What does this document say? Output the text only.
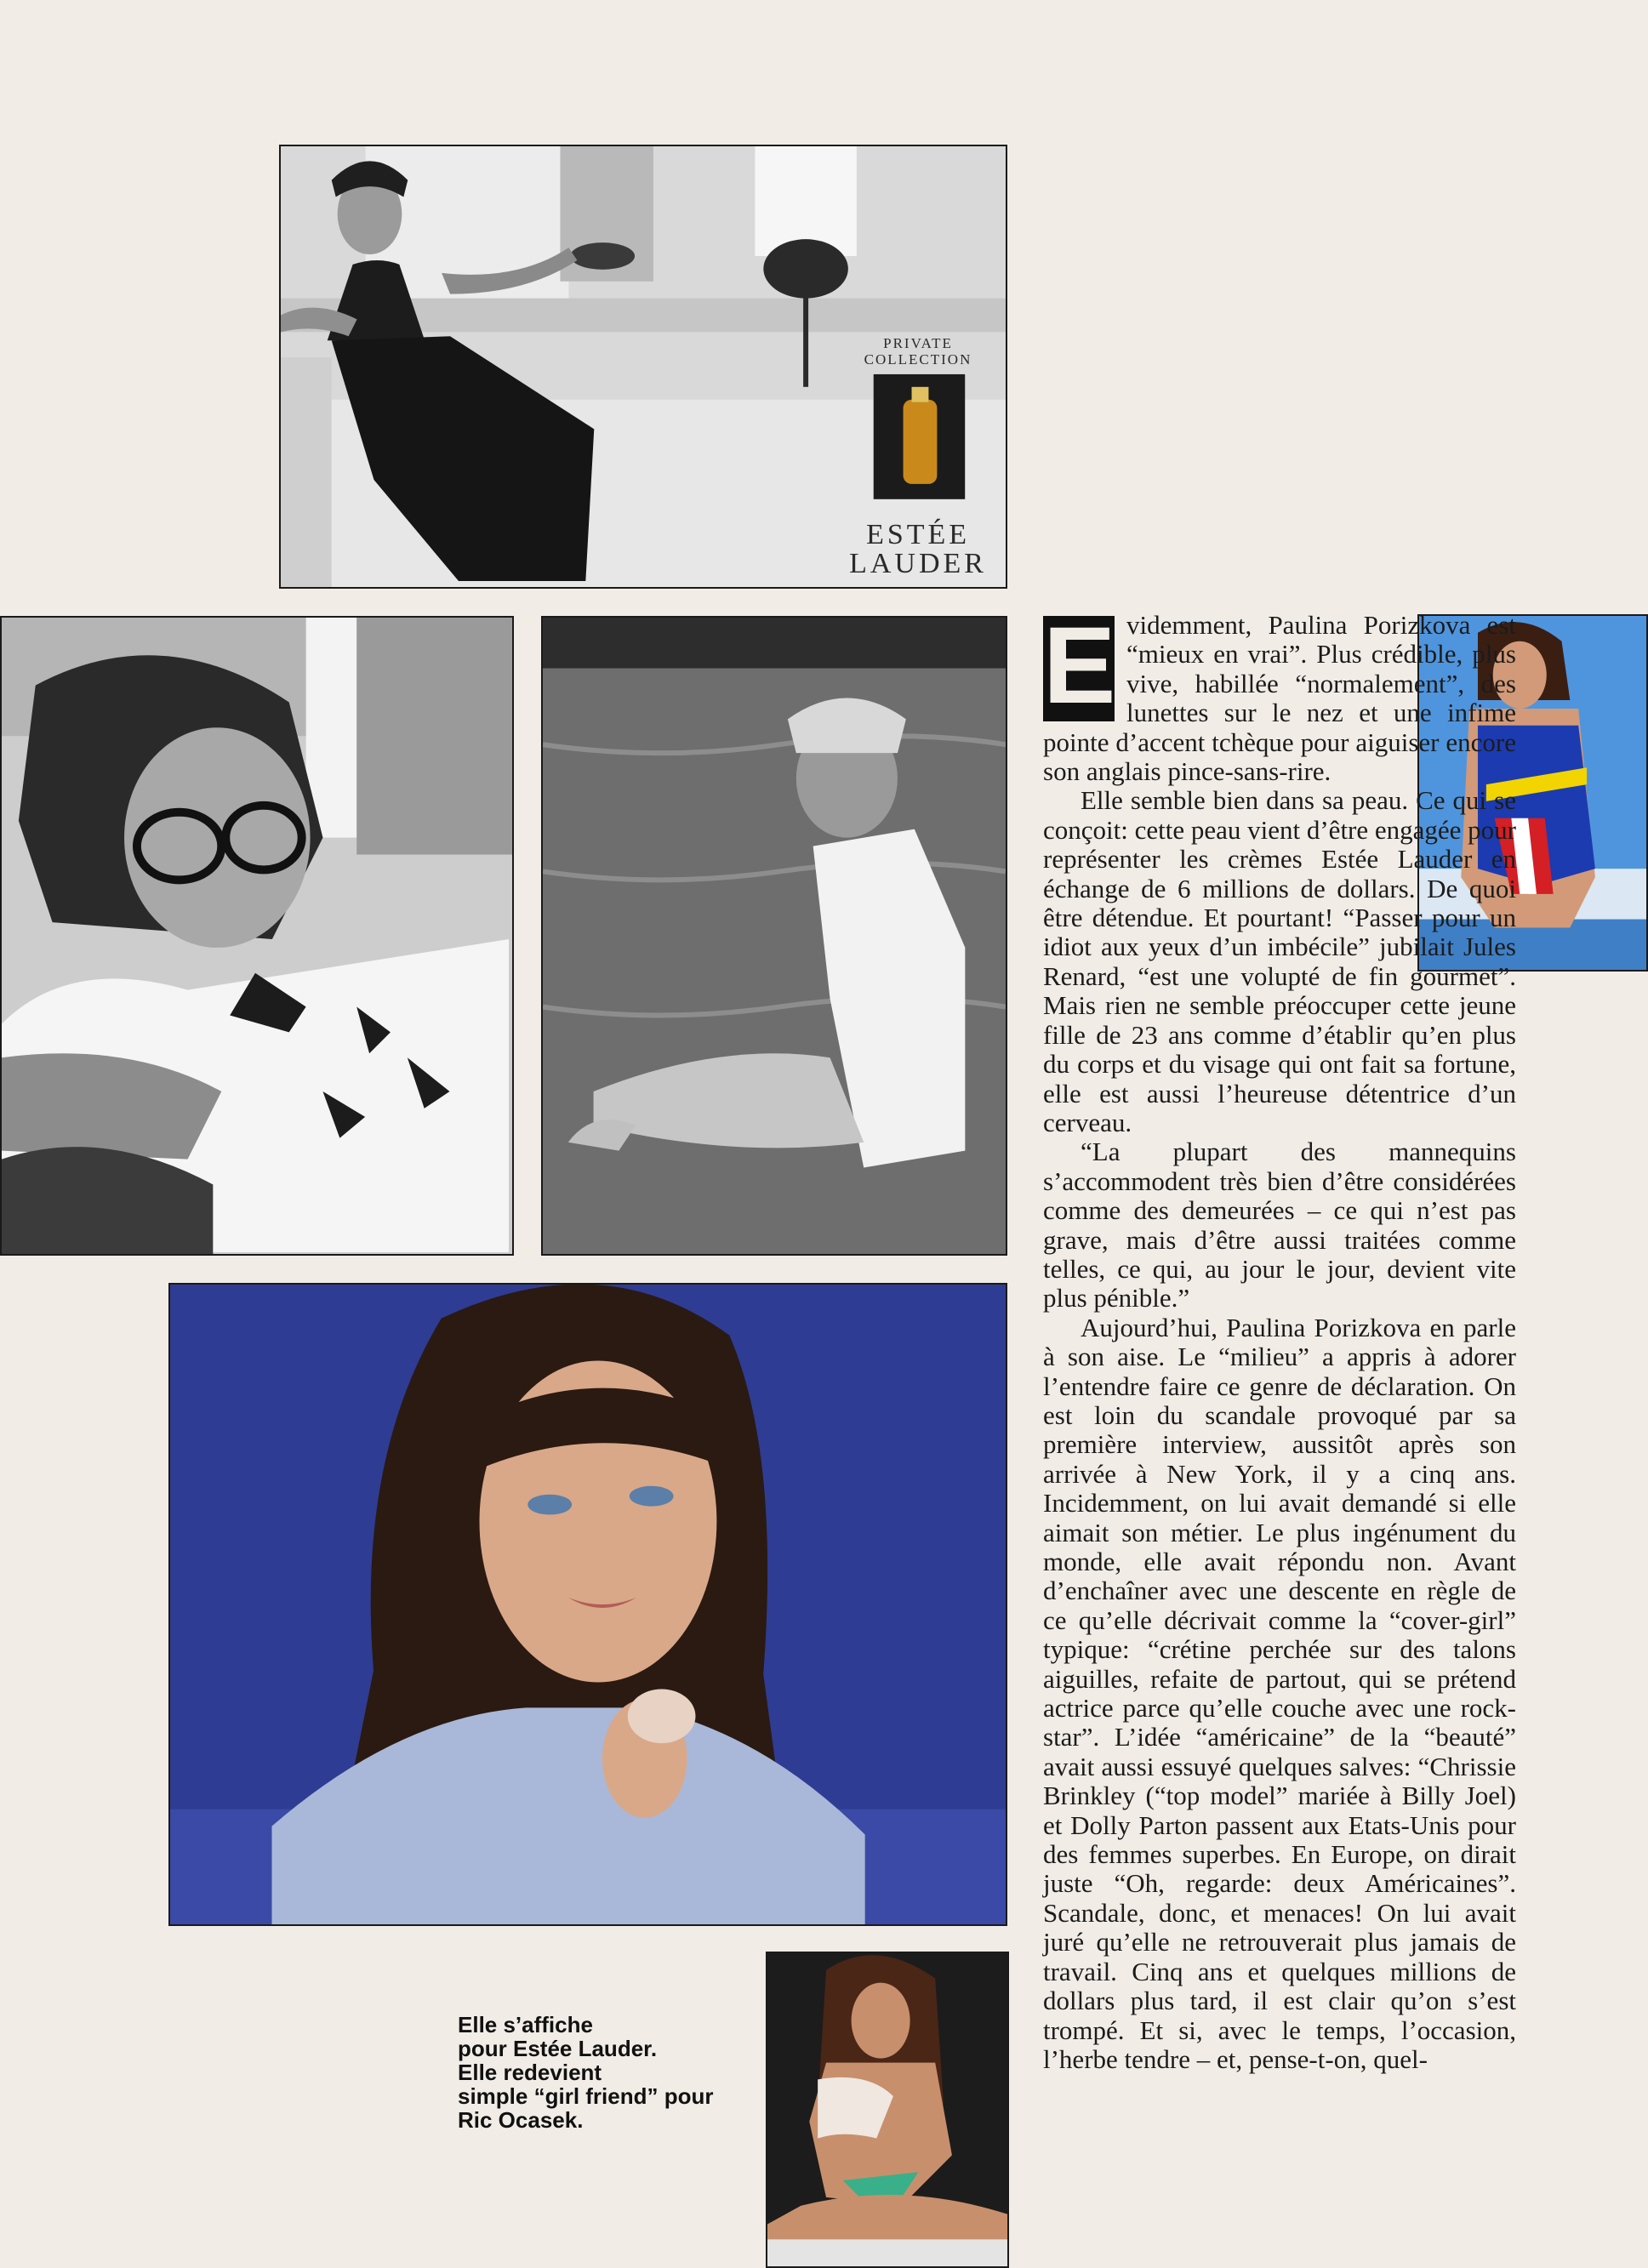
PRIVATE COLLECTION
ESTÉE
LAUDER

E videmment, Paulina Porizkova est “mieux en vrai”. Plus crédible, plus vive, habillée “normalement”, des lunettes sur le nez et une infime pointe d’accent tchèque pour aiguiser encore son anglais pince-sans-rire.

Elle semble bien dans sa peau. Ce qui se conçoit: cette peau vient d’être engagée pour représenter les crèmes Estée Lauder en échange de 6 millions de dollars. De quoi être détendue. Et pourtant! “Passer pour un idiot aux yeux d’un imbécile” jubilait Jules Renard, “est une volupté de fin gourmet”. Mais rien ne semble préoccuper cette jeune fille de 23 ans comme d’établir qu’en plus du corps et du visage qui ont fait sa fortune, elle est aussi l’heureuse détentrice d’un cerveau.

“La plupart des mannequins s’accommodent très bien d’être considérées comme des demeurées – ce qui n’est pas grave, mais d’être aussi traitées comme telles, ce qui, au jour le jour, devient vite plus pénible.”

Aujourd’hui, Paulina Porizkova en parle à son aise. Le “milieu” a appris à adorer l’entendre faire ce genre de déclaration. On est loin du scandale provoqué par sa première interview, aussitôt après son arrivée à New York, il y a cinq ans. Incidemment, on lui avait demandé si elle aimait son métier. Le plus ingénument du monde, elle avait répondu non. Avant d’enchaîner avec une descente en règle de ce qu’elle décrivait comme la “cover-girl” typique: “crétine perchée sur des talons aiguilles, refaite de partout, qui se prétend actrice parce qu’elle couche avec une rock-star”. L’idée “américaine” de la “beauté” avait aussi essuyé quelques salves: “Chrissie Brinkley (“top model” mariée à Billy Joel) et Dolly Parton passent aux Etats-Unis pour des femmes superbes. En Europe, on dirait juste “Oh, regarde: deux Américaines”. Scandale, donc, et menaces! On lui avait juré qu’elle ne retrouverait plus jamais de travail. Cinq ans et quelques millions de dollars plus tard, il est clair qu’on s’est trompé. Et si, avec le temps, l’occasion, l’herbe tendre – et, pense-t-on, quel-

Elle s’affiche
pour Estée Lauder.
Elle redevient
simple “girl friend” pour
Ric Ocasek.
